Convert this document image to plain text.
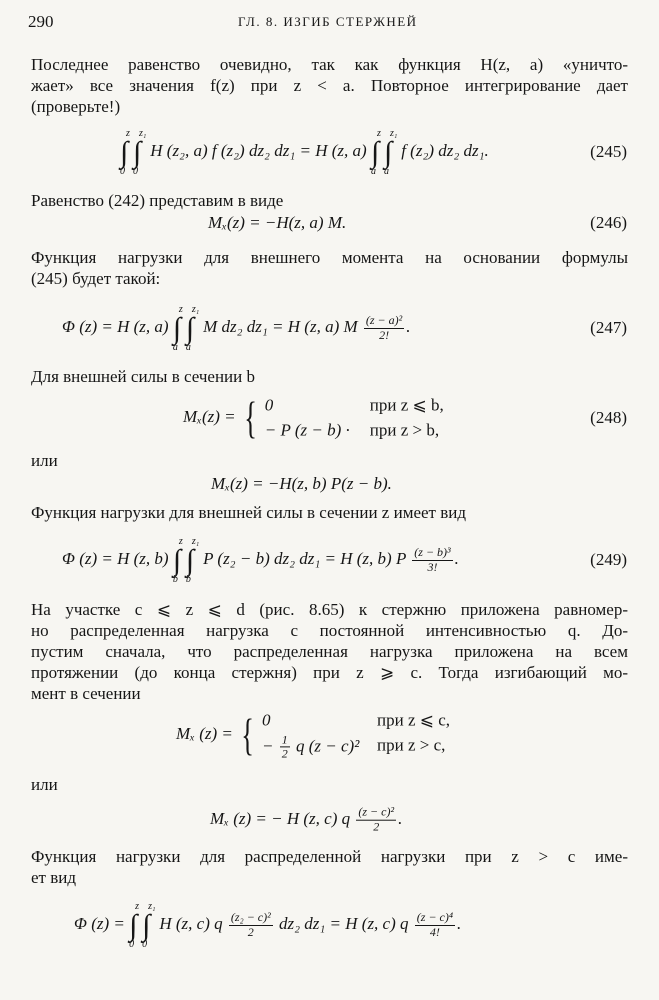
290	ГЛ. 8. ИЗГИБ СТЕРЖНЕЙ
Последнее равенство очевидно, так как функция H(z, a) «уничто-
жает» все значения f(z) при z < a. Повторное интегрирование дает
(проверьте!)
∫
z
0
∫
z₁
0
H (z₂, a) f (z₂) dz₂ dz₁ = H (z, a) ∫
z
a
∫
z₁
a
f (z₂) dz₂ dz₁.	(245)
Равенство (242) представим в виде
Mₓ(z) = −H(z, a) M.	(246)
Функция нагрузки для внешнего момента на основании формулы
(245) будет такой:
Φ (z) = H (z, a) ∫
z
a
∫
z₁
a
M dz₂ dz₁ = H (z, a) M $\frac{\text{(z − a)²}}{2!}$ .	(247)
Для внешней силы в сечении b
Mₓ(z) = { 0	при z ⩽ b,
− P (z − b) ·	при z > b,
(248)
или
Mₓ(z) = −H(z, b) P(z − b).
Функция нагрузки для внешней силы в сечении z имеет вид
Φ (z) = H (z, b) ∫
z
b
∫
z₁
b
P (z₂ − b) dz₂ dz₁ = H (z, b) P $\frac{\text{(z − b)³}}{3!}$ .	(249)
На участке c ⩽ z ⩽ d (рис. 8.65) к стержню приложена равномер-
но распределенная нагрузка с постоянной интенсивностью q. До-
пустим сначала, что распределенная нагрузка приложена на всем
протяжении (до конца стержня) при z ⩾ c. Тогда изгибающий мо-
мент в сечении
Mₓ (z) = { 0	при z ⩽ c,
− $\frac{1}{2}$ q (z − c)²	при z > c,
или
Mₓ (z) = − H (z, c) q $\frac{\text{(z − c)²}}{2}$ .
Функция нагрузки для распределенной нагрузки при z > c име-
ет вид
Φ (z) = ∫
z
0
∫
z₁
0
H (z, c) q $\frac{\text{(z₂ − c)²}}{2} dz_2$ dz₁ = H (z, c) q $\frac{\text{(z − c)⁴}}{4!}$ .
